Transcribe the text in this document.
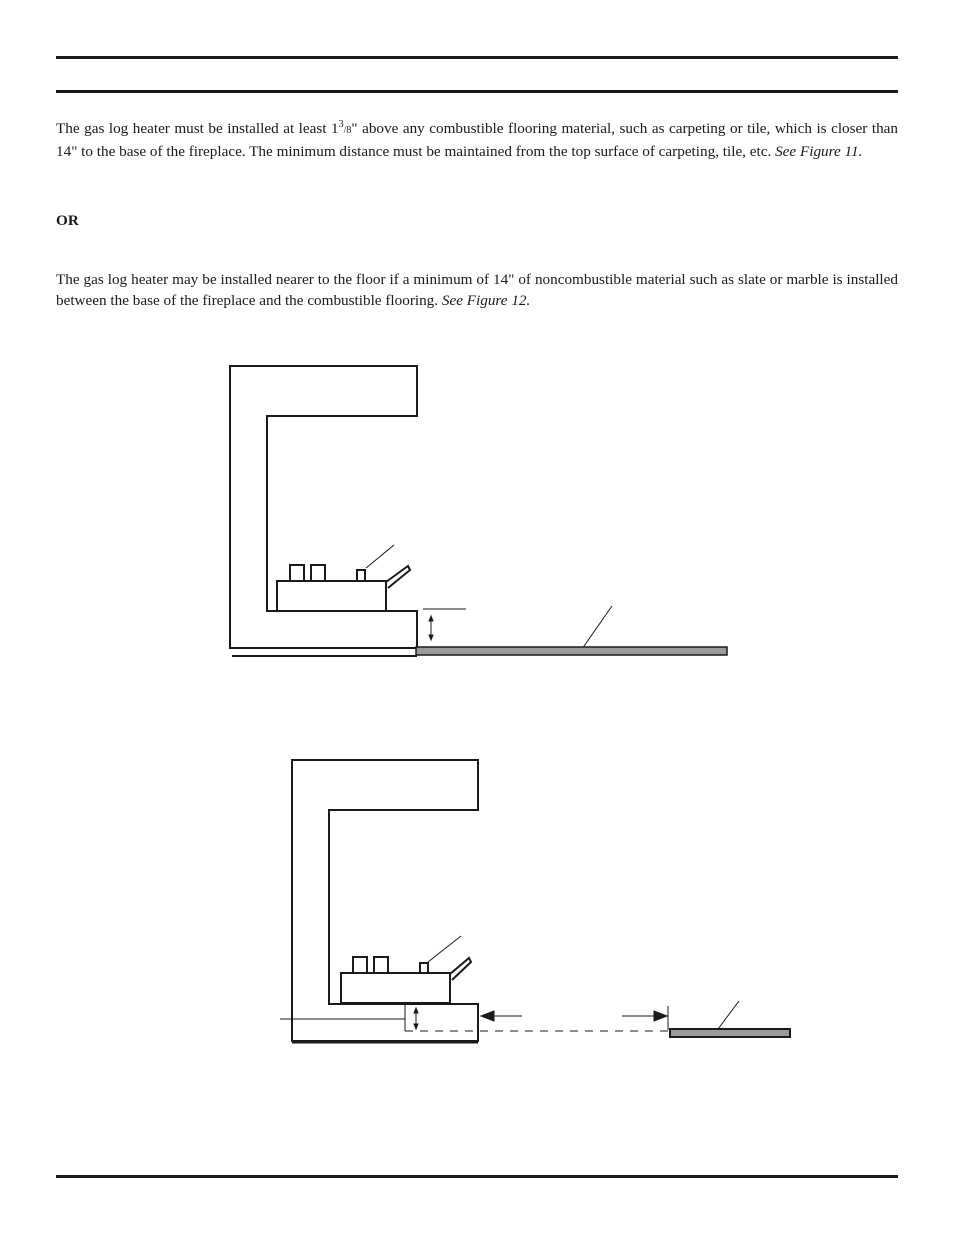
The gas log heater must be installed at least $1^3/8$" above any combustible flooring material, such as carpeting or tile, which is closer than 14" to the base of the fireplace. The minimum distance must be maintained from the top surface of carpeting, tile, etc. See Figure 11.

OR

The gas log heater may be installed nearer to the floor if a minimum of 14" of noncombustible material such as slate or marble is installed between the base of the fireplace and the combustible flooring. See Figure 12.
